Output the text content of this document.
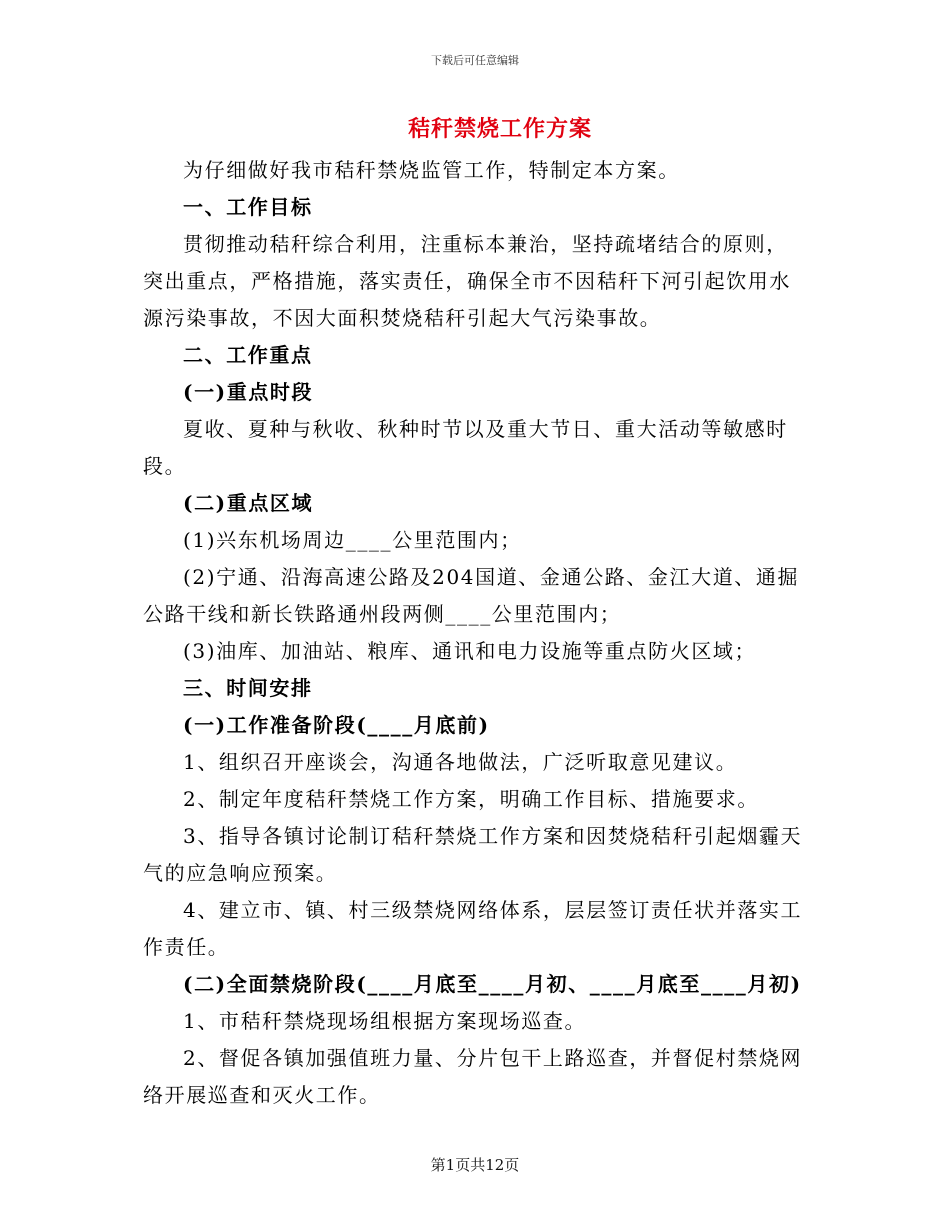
下载后可任意编辑
秸秆禁烧工作方案

为仔细做好我市秸秆禁烧监管工作，特制定本方案。

一、工作目标

贯彻推动秸秆综合利用，注重标本兼治，坚持疏堵结合的原则，突出重点，严格措施，落实责任，确保全市不因秸秆下河引起饮用水源污染事故，不因大面积焚烧秸秆引起大气污染事故。

二、工作重点

(一)重点时段

夏收、夏种与秋收、秋种时节以及重大节日、重大活动等敏感时段。

(二)重点区域

(1)兴东机场周边____公里范围内；

(2)宁通、沿海高速公路及204国道、金通公路、金江大道、通掘公路干线和新长铁路通州段两侧____公里范围内；

(3)油库、加油站、粮库、通讯和电力设施等重点防火区域；

三、时间安排

(一)工作准备阶段(____月底前)

1、组织召开座谈会，沟通各地做法，广泛听取意见建议。

2、制定年度秸秆禁烧工作方案，明确工作目标、措施要求。

3、指导各镇讨论制订秸秆禁烧工作方案和因焚烧秸秆引起烟霾天气的应急响应预案。

4、建立市、镇、村三级禁烧网络体系，层层签订责任状并落实工作责任。

(二)全面禁烧阶段(____月底至____月初、____月底至____月初)

1、市秸秆禁烧现场组根据方案现场巡查。

2、督促各镇加强值班力量、分片包干上路巡查，并督促村禁烧网络开展巡查和灭火工作。

第1页共12页
